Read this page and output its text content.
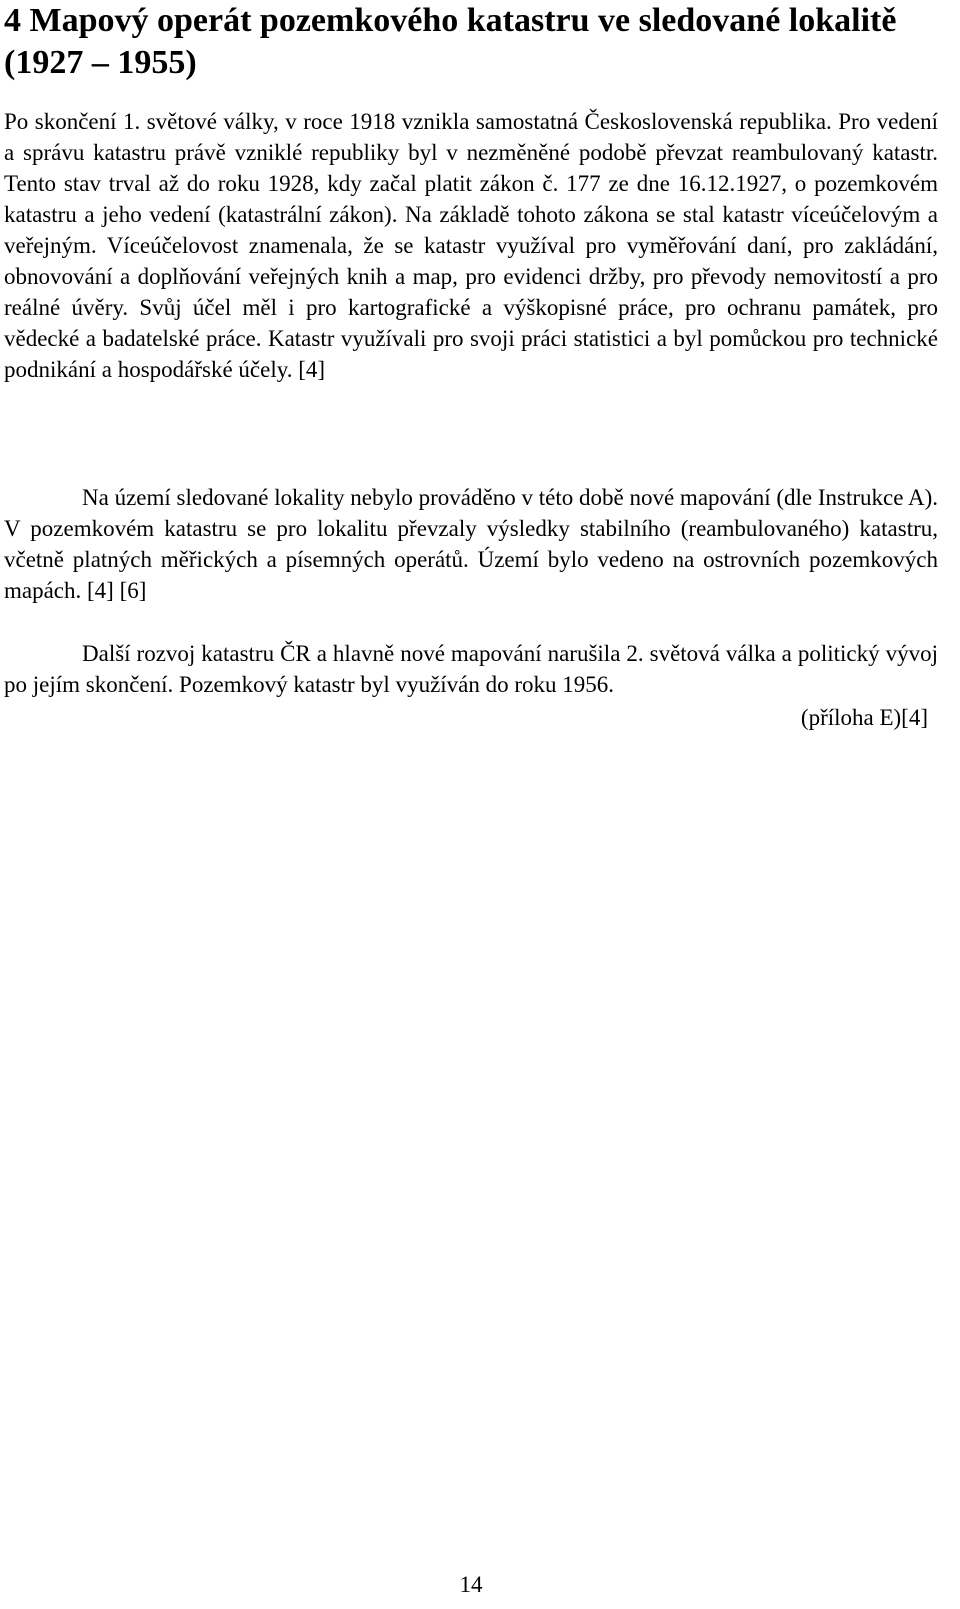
4 Mapový operát pozemkového katastru ve sledované lokalitě (1927 – 1955)

Po skončení 1. světové války, v roce 1918 vznikla samostatná Československá republika. Pro vedení a správu katastru právě vzniklé republiky byl v nezměněné podobě převzat reambulovaný katastr. Tento stav trval až do roku 1928, kdy začal platit zákon č. 177 ze dne 16.12.1927, o pozemkovém katastru a jeho vedení (katastrální zákon). Na základě tohoto zákona se stal katastr víceúčelovým a veřejným. Víceúčelovost znamenala, že se katastr využíval pro vyměřování daní, pro zakládání, obnovování a doplňování veřejných knih a map, pro evidenci držby, pro převody nemovitostí a pro reálné úvěry. Svůj účel měl i pro kartografické a výškopisné práce, pro ochranu památek, pro vědecké a badatelské práce. Katastr využívali pro svoji práci statistici a byl pomůckou pro technické podnikání a hospodářské účely. [4]

Na území sledované lokality nebylo prováděno v této době nové mapování (dle Instrukce A). V pozemkovém katastru se pro lokalitu převzaly výsledky stabilního (reambulovaného) katastru, včetně platných měřických a písemných operátů. Území bylo vedeno na ostrovních pozemkových mapách. [4] [6]

Další rozvoj katastru ČR a hlavně nové mapování narušila 2. světová válka a politický vývoj po jejím skončení. Pozemkový katastr byl využíván do roku 1956.

(příloha E)[4]
14
